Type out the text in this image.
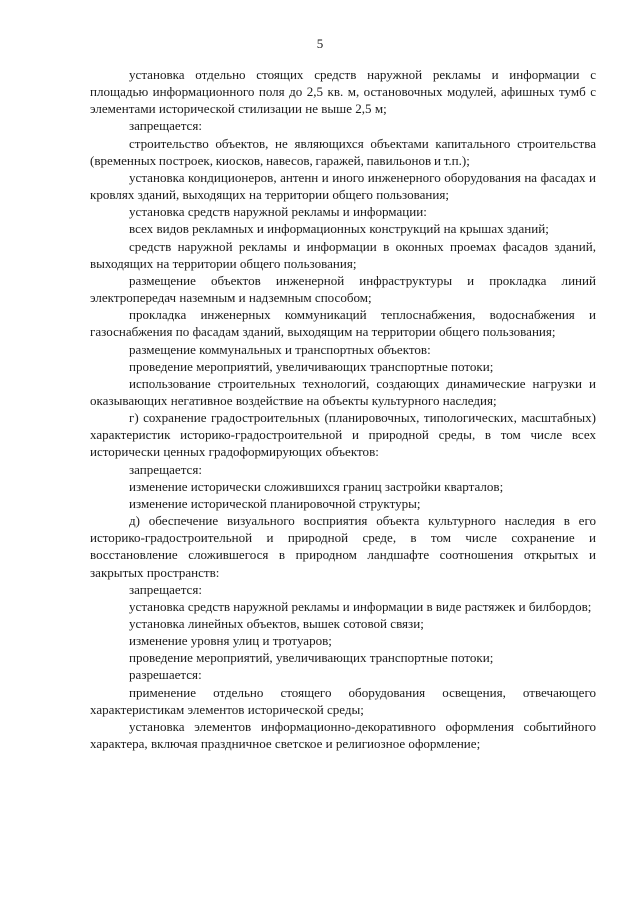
5

установка отдельно стоящих средств наружной рекламы и информации с площадью информационного поля до 2,5 кв. м, остановочных модулей, афишных тумб с элементами исторической стилизации не выше 2,5 м;

запрещается:

строительство объектов, не являющихся объектами капитального строительства (временных построек, киосков, навесов, гаражей, павильонов и т.п.);

установка кондиционеров, антенн и иного инженерного оборудования на фасадах и кровлях зданий, выходящих на территории общего пользования;

установка средств наружной рекламы и информации:

всех видов рекламных и информационных конструкций на крышах зданий;

средств наружной рекламы и информации в оконных проемах фасадов зданий, выходящих на территории общего пользования;

размещение объектов инженерной инфраструктуры и прокладка линий электропередач наземным и надземным способом;

прокладка инженерных коммуникаций теплоснабжения, водоснабжения и газоснабжения по фасадам зданий, выходящим на территории общего пользования;

размещение коммунальных и транспортных объектов:

проведение мероприятий, увеличивающих транспортные потоки;

использование строительных технологий, создающих динамические нагрузки и оказывающих негативное воздействие на объекты культурного наследия;

г) сохранение градостроительных (планировочных, типологических, масштабных) характеристик историко-градостроительной и природной среды, в том числе всех исторически ценных градоформирующих объектов:

запрещается:

изменение исторически сложившихся границ застройки кварталов;

изменение исторической планировочной структуры;

д) обеспечение визуального восприятия объекта культурного наследия в его историко-градостроительной и природной среде, в том числе сохранение и восстановление сложившегося в природном ландшафте соотношения открытых и закрытых пространств:

запрещается:

установка средств наружной рекламы и информации в виде растяжек и билбордов;

установка линейных объектов, вышек сотовой связи;

изменение уровня улиц и тротуаров;

проведение мероприятий, увеличивающих транспортные потоки;

разрешается:

применение отдельно стоящего оборудования освещения, отвечающего характеристикам элементов исторической среды;

установка элементов информационно-декоративного оформления событийного характера, включая праздничное светское и религиозное оформление;
